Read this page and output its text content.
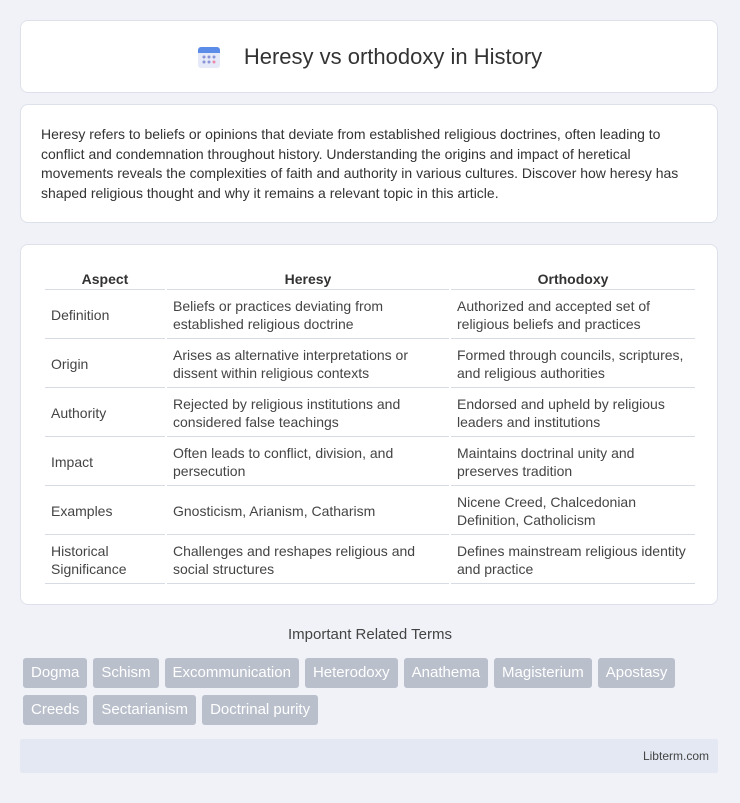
Heresy vs orthodoxy in History

Heresy refers to beliefs or opinions that deviate from established religious doctrines, often leading to conflict and condemnation throughout history. Understanding the origins and impact of heretical movements reveals the complexities of faith and authority in various cultures. Discover how heresy has shaped religious thought and why it remains a relevant topic in this article.

Aspect	Heresy	Orthodoxy
Definition	Beliefs or practices deviating from established religious doctrine	Authorized and accepted set of religious beliefs and practices
Origin	Arises as alternative interpretations or dissent within religious contexts	Formed through councils, scriptures, and religious authorities
Authority	Rejected by religious institutions and considered false teachings	Endorsed and upheld by religious leaders and institutions
Impact	Often leads to conflict, division, and persecution	Maintains doctrinal unity and preserves tradition
Examples	Gnosticism, Arianism, Catharism	Nicene Creed, Chalcedonian Definition, Catholicism
Historical Significance	Challenges and reshapes religious and social structures	Defines mainstream religious identity and practice
Important Related Terms
Dogma	Schism	Excommunication	Heterodoxy	Anathema	Magisterium	Apostasy
Creeds	Sectarianism	Doctrinal purity
Libterm.com
